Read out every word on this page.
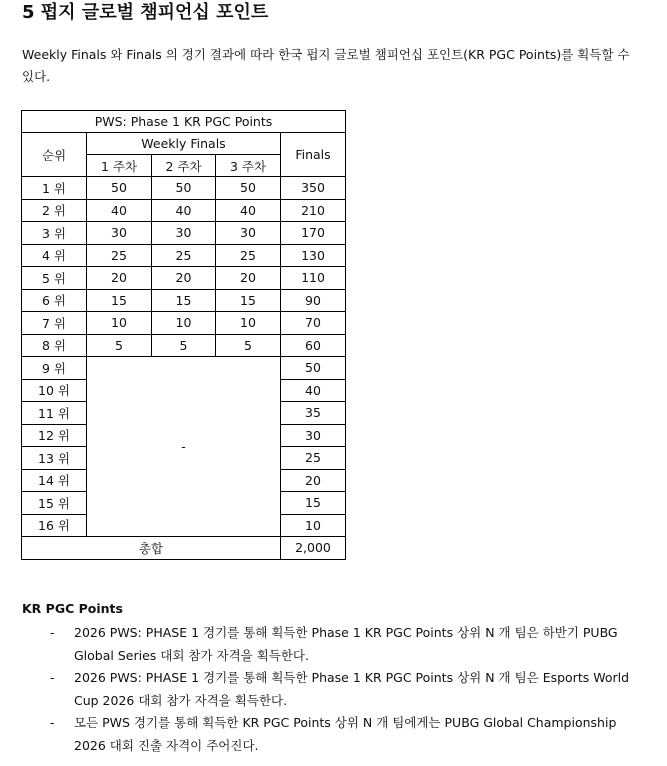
5 펍지 글로벌 챔피언십 포인트

Weekly Finals 와 Finals 의 경기 결과에 따라 한국 펍지 글로벌 챔피언십 포인트(KR PGC Points)를 획득할 수 있다.

PWS: Phase 1 KR PGC Points				
순위	Weekly Finals			Finals
	1 주차	2 주차	3 주차	
1 위	50	50	50	350
2 위	40	40	40	210
3 위	30	30	30	170
4 위	25	25	25	130
5 위	20	20	20	110
6 위	15	15	15	90
7 위	10	10	10	70
8 위	5	5	5	60
9 위	-			50
10 위				40
11 위				35
12 위				30
13 위				25
14 위				20
15 위				15
16 위				10
총합				2,000

KR PGC Points

- 2026 PWS: PHASE 1 경기를 통해 획득한 Phase 1 KR PGC Points 상위 N 개 팀은 하반기 PUBG Global Series 대회 참가 자격을 획득한다.
- 2026 PWS: PHASE 1 경기를 통해 획득한 Phase 1 KR PGC Points 상위 N 개 팀은 Esports World Cup 2026 대회 참가 자격을 획득한다.
- 모든 PWS 경기를 통해 획득한 KR PGC Points 상위 N 개 팀에게는 PUBG Global Championship 2026 대회 진출 자격이 주어진다.
